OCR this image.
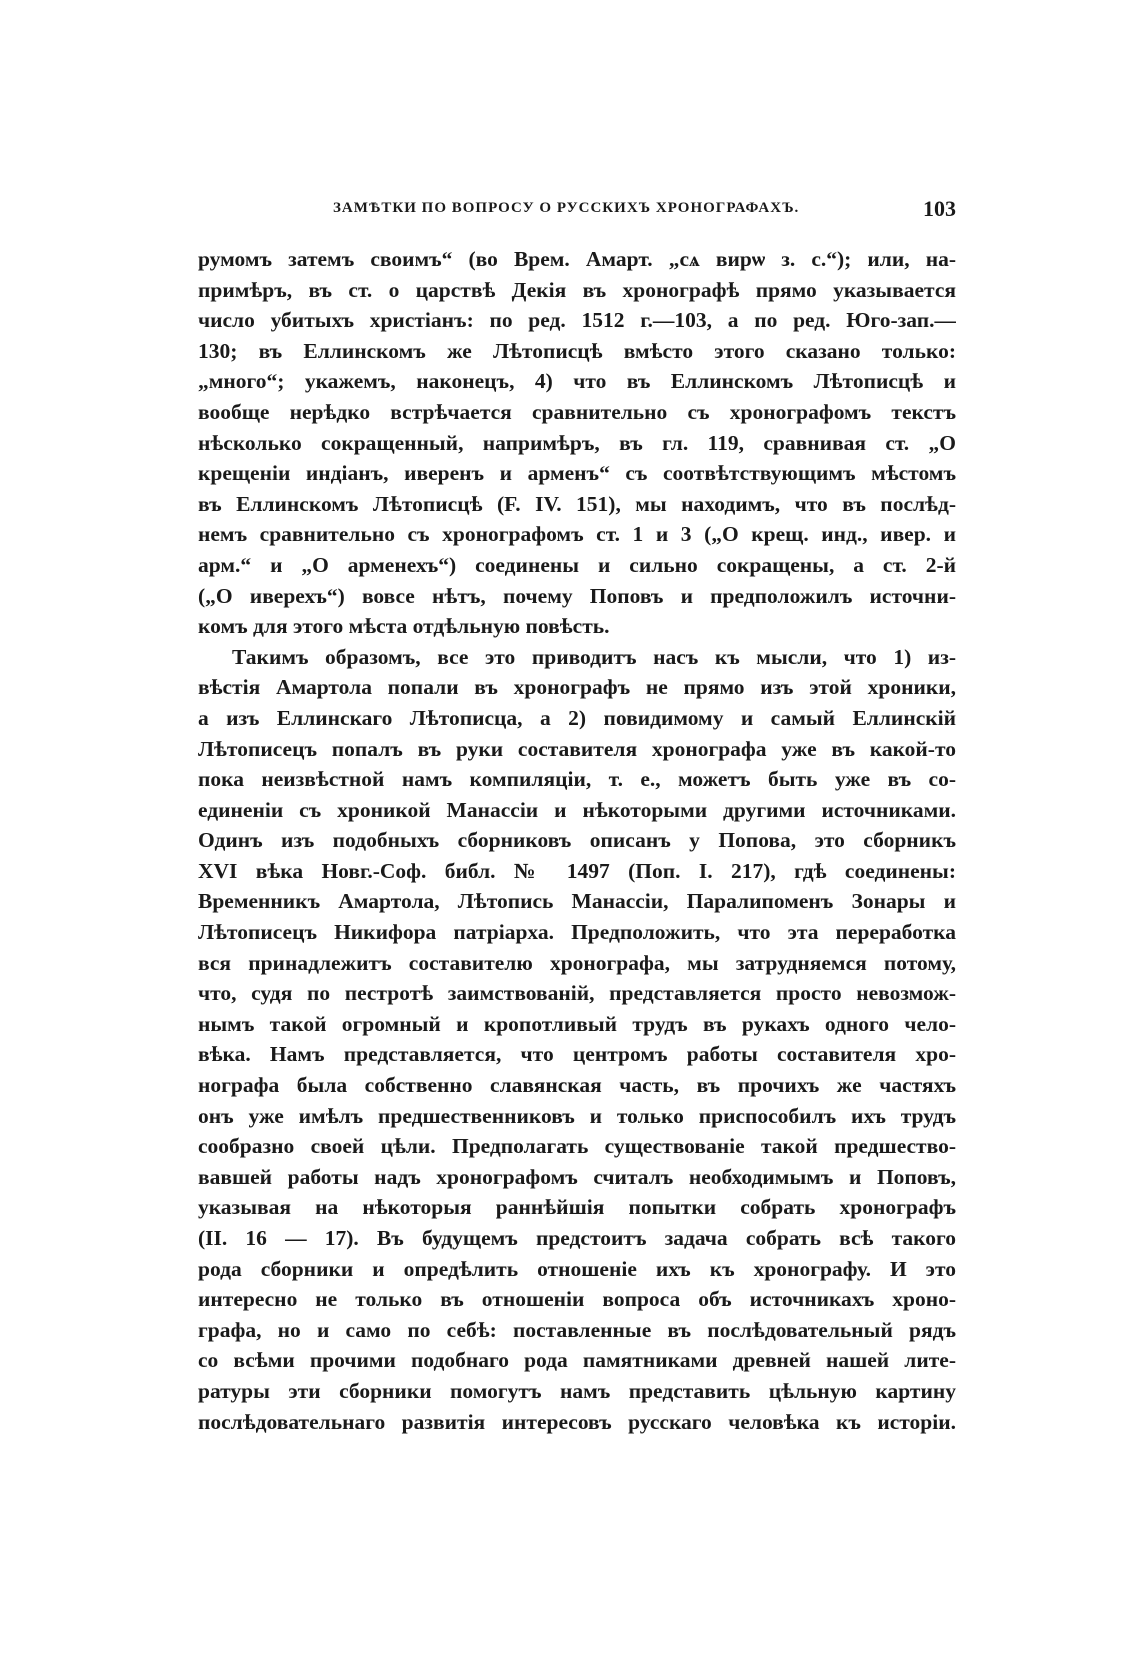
ЗАМѢТКИ ПО ВОПРОСУ О РУССКИХЪ ХРОНОГРАФАХЪ.	103
румомъ затемъ своимъ“ (во Врем. Амарт. „сѧ вирѡ з. с.“); или, на-
примѣръ, въ ст. о царствѣ Декія въ хронографѣ прямо указывается
число убитыхъ христіанъ: по ред. 1512 г.—103, а по ред. Юго-зап.—
130; въ Еллинскомъ же Лѣтописцѣ вмѣсто этого сказано только:
„много“; укажемъ, наконецъ, 4) что въ Еллинскомъ Лѣтописцѣ и
вообще нерѣдко встрѣчается сравнительно съ хронографомъ текстъ
нѣсколько сокращенный, напримѣръ, въ гл. 119, сравнивая ст. „О
крещеніи индіанъ, иверенъ и арменъ“ съ соотвѣтствующимъ мѣстомъ
въ Еллинскомъ Лѣтописцѣ (F. IV. 151), мы находимъ, что въ послѣд-
немъ сравнительно съ хронографомъ ст. 1 и 3 („О крещ. инд., ивер. и
арм.“ и „О арменехъ“) соединены и сильно сокращены, а ст. 2-й
(„О иверехъ“) вовсе нѣтъ, почему Поповъ и предположилъ источни-
комъ для этого мѣста отдѣльную повѣсть.
Такимъ образомъ, все это приводитъ насъ къ мысли, что 1) из-
вѣстія Амартола попали въ хронографъ не прямо изъ этой хроники,
а изъ Еллинскаго Лѣтописца, а 2) повидимому и самый Еллинскій
Лѣтописецъ попалъ въ руки составителя хронографа уже въ какой-то
пока неизвѣстной намъ компиляціи, т. е., можетъ быть уже въ со-
единеніи съ хроникой Манассіи и нѣкоторыми другими источниками.
Одинъ изъ подобныхъ сборниковъ описанъ у Попова, это сборникъ
XVI вѣка Новг.-Соф. библ. № 1497 (Поп. I. 217), гдѣ соединены:
Временникъ Амартола, Лѣтопись Манассіи, Паралипоменъ Зонары и
Лѣтописецъ Никифора патріарха. Предположить, что эта переработка
вся принадлежитъ составителю хронографа, мы затрудняемся потому,
что, судя по пестротѣ заимствованій, представляется просто невозмож-
нымъ такой огромный и кропотливый трудъ въ рукахъ одного чело-
вѣка. Намъ представляется, что центромъ работы составителя хро-
нографа была собственно славянская часть, въ прочихъ же частяхъ
онъ уже имѣлъ предшественниковъ и только приспособилъ ихъ трудъ
сообразно своей цѣли. Предполагать существованіе такой предшество-
вавшей работы надъ хронографомъ считалъ необходимымъ и Поповъ,
указывая на нѣкоторыя раннѣйшія попытки собрать хронографъ
(II. 16 — 17). Въ будущемъ предстоитъ задача собрать всѣ такого
рода сборники и опредѣлить отношеніе ихъ къ хронографу. И это
интересно не только въ отношеніи вопроса объ источникахъ хроно-
графа, но и само по себѣ: поставленные въ послѣдовательный рядъ
со всѣми прочими подобнаго рода памятниками древней нашей лите-
ратуры эти сборники помогутъ намъ представить цѣльную картину
послѣдовательнаго развитія интересовъ русскаго человѣка къ исторіи.
